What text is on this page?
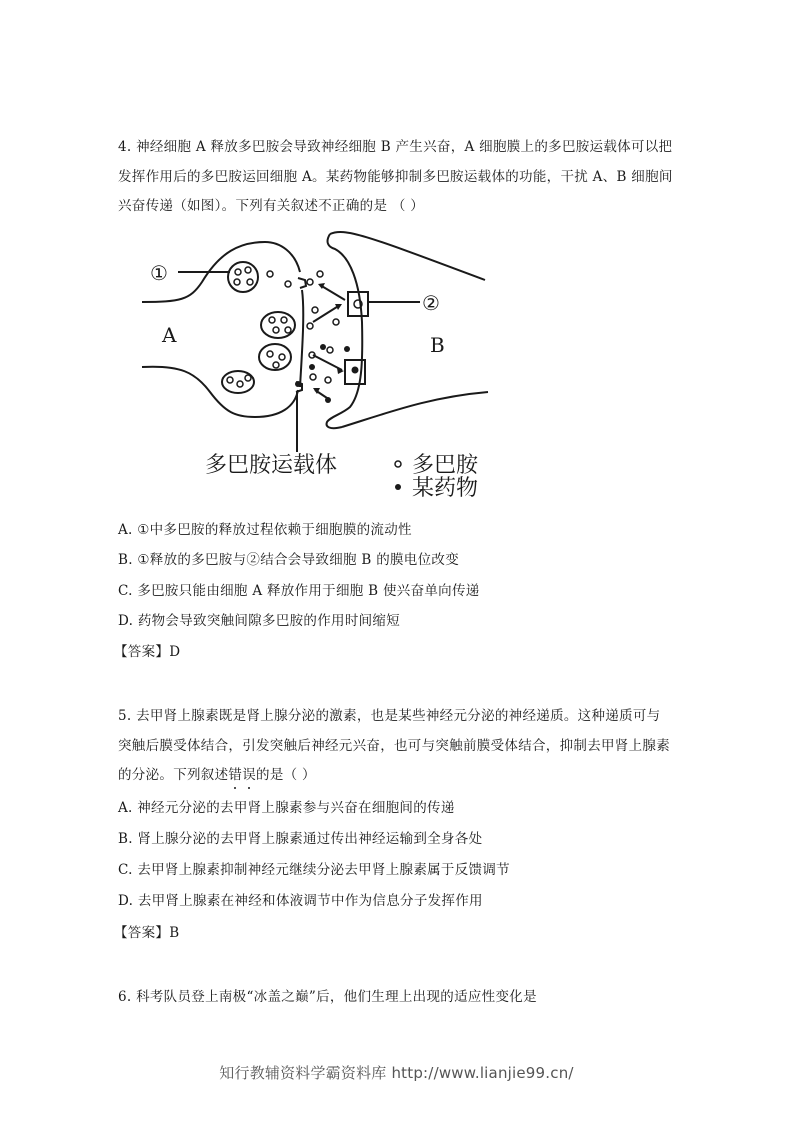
4. 神经细胞 A 释放多巴胺会导致神经细胞 B 产生兴奋，A 细胞膜上的多巴胺运载体可以把
发挥作用后的多巴胺运回细胞 A。某药物能够抑制多巴胺运载体的功能，干扰 A、B 细胞间
兴奋传递（如图）。下列有关叙述不正确的是 （ ）
①
②
A	B
多巴胺运载体	多巴胺
某药物
A. ①中多巴胺的释放过程依赖于细胞膜的流动性
B. ①释放的多巴胺与②结合会导致细胞 B 的膜电位改变
C. 多巴胺只能由细胞 A 释放作用于细胞 B 使兴奋单向传递
D. 药物会导致突触间隙多巴胺的作用时间缩短
【答案】D
5. 去甲肾上腺素既是肾上腺分泌的激素，也是某些神经元分泌的神经递质。这种递质可与
突触后膜受体结合，引发突触后神经元兴奋，也可与突触前膜受体结合，抑制去甲肾上腺素
的分泌。下列叙述错误的是（ ）
A. 神经元分泌的去甲肾上腺素参与兴奋在细胞间的传递
B. 肾上腺分泌的去甲肾上腺素通过传出神经运输到全身各处
C. 去甲肾上腺素抑制神经元继续分泌去甲肾上腺素属于反馈调节
D. 去甲肾上腺素在神经和体液调节中作为信息分子发挥作用
【答案】B
6. 科考队员登上南极“冰盖之巅”后，他们生理上出现的适应性变化是
知行教辅资料学霸资料库 http://www.lianjie99.cn/
